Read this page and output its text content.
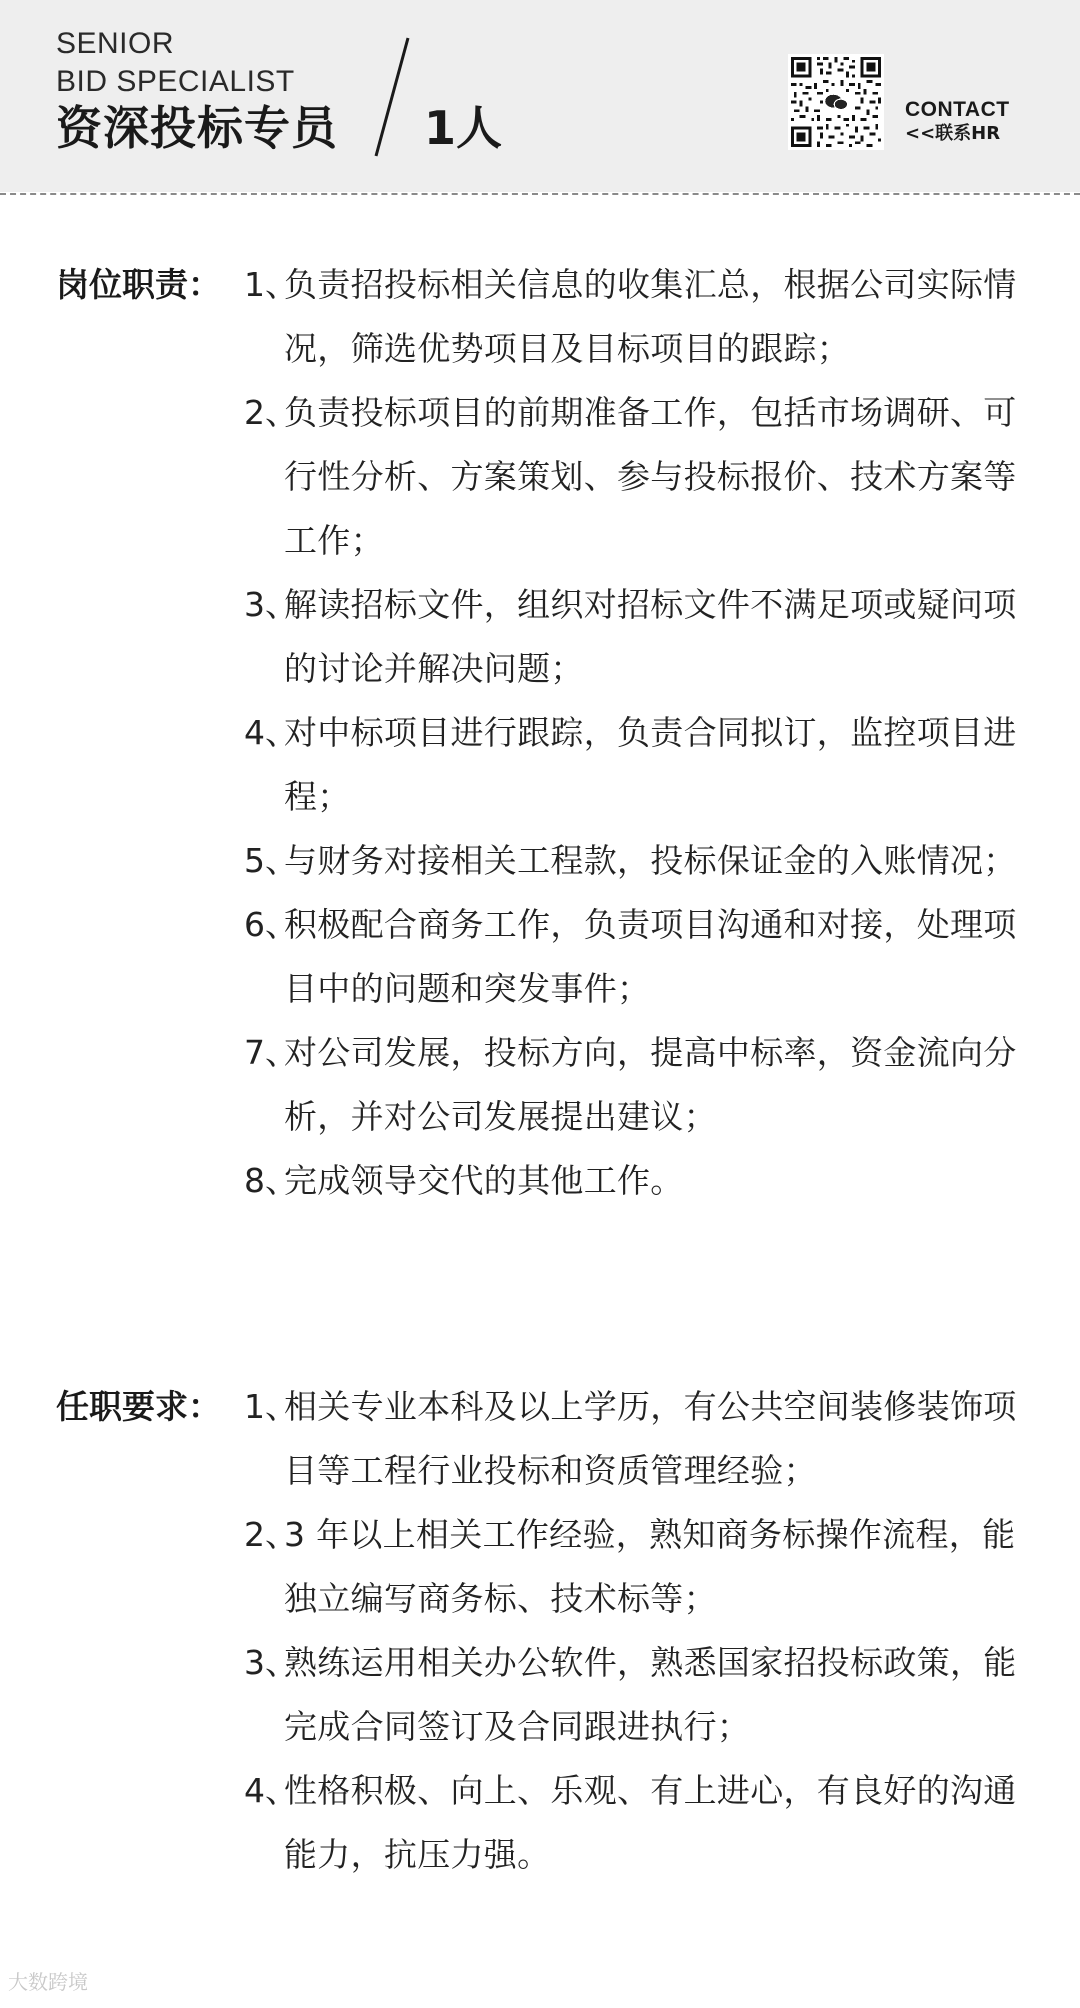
SENIOR
BID SPECIALIST
资深投标专员 1人	CONTACT
<<联系HR
岗位职责： 1、
负责招投标相关信息的收集汇总，根据公司实际情况，筛选优势项目及目标项目的跟踪；
2、
负责投标项目的前期准备工作，包括市场调研、可行性分析、方案策划、参与投标报价、技术方案等工作；
3、
解读招标文件，组织对招标文件不满足项或疑问项的讨论并解决问题；
4、
对中标项目进行跟踪，负责合同拟订，监控项目进程；
5、
与财务对接相关工程款，投标保证金的入账情况；
6、
积极配合商务工作，负责项目沟通和对接，处理项目中的问题和突发事件；
7、
对公司发展，投标方向，提高中标率，资金流向分析，并对公司发展提出建议；
8、
完成领导交代的其他工作。
任职要求： 1、
相关专业本科及以上学历，有公共空间装修装饰项目等工程行业投标和资质管理经验；
2、
3 年以上相关工作经验，熟知商务标操作流程，能独立编写商务标、技术标等；
3、
熟练运用相关办公软件，熟悉国家招投标政策，能完成合同签订及合同跟进执行；
4、
性格积极、向上、乐观、有上进心，有良好的沟通能力，抗压力强。
大数跨境
